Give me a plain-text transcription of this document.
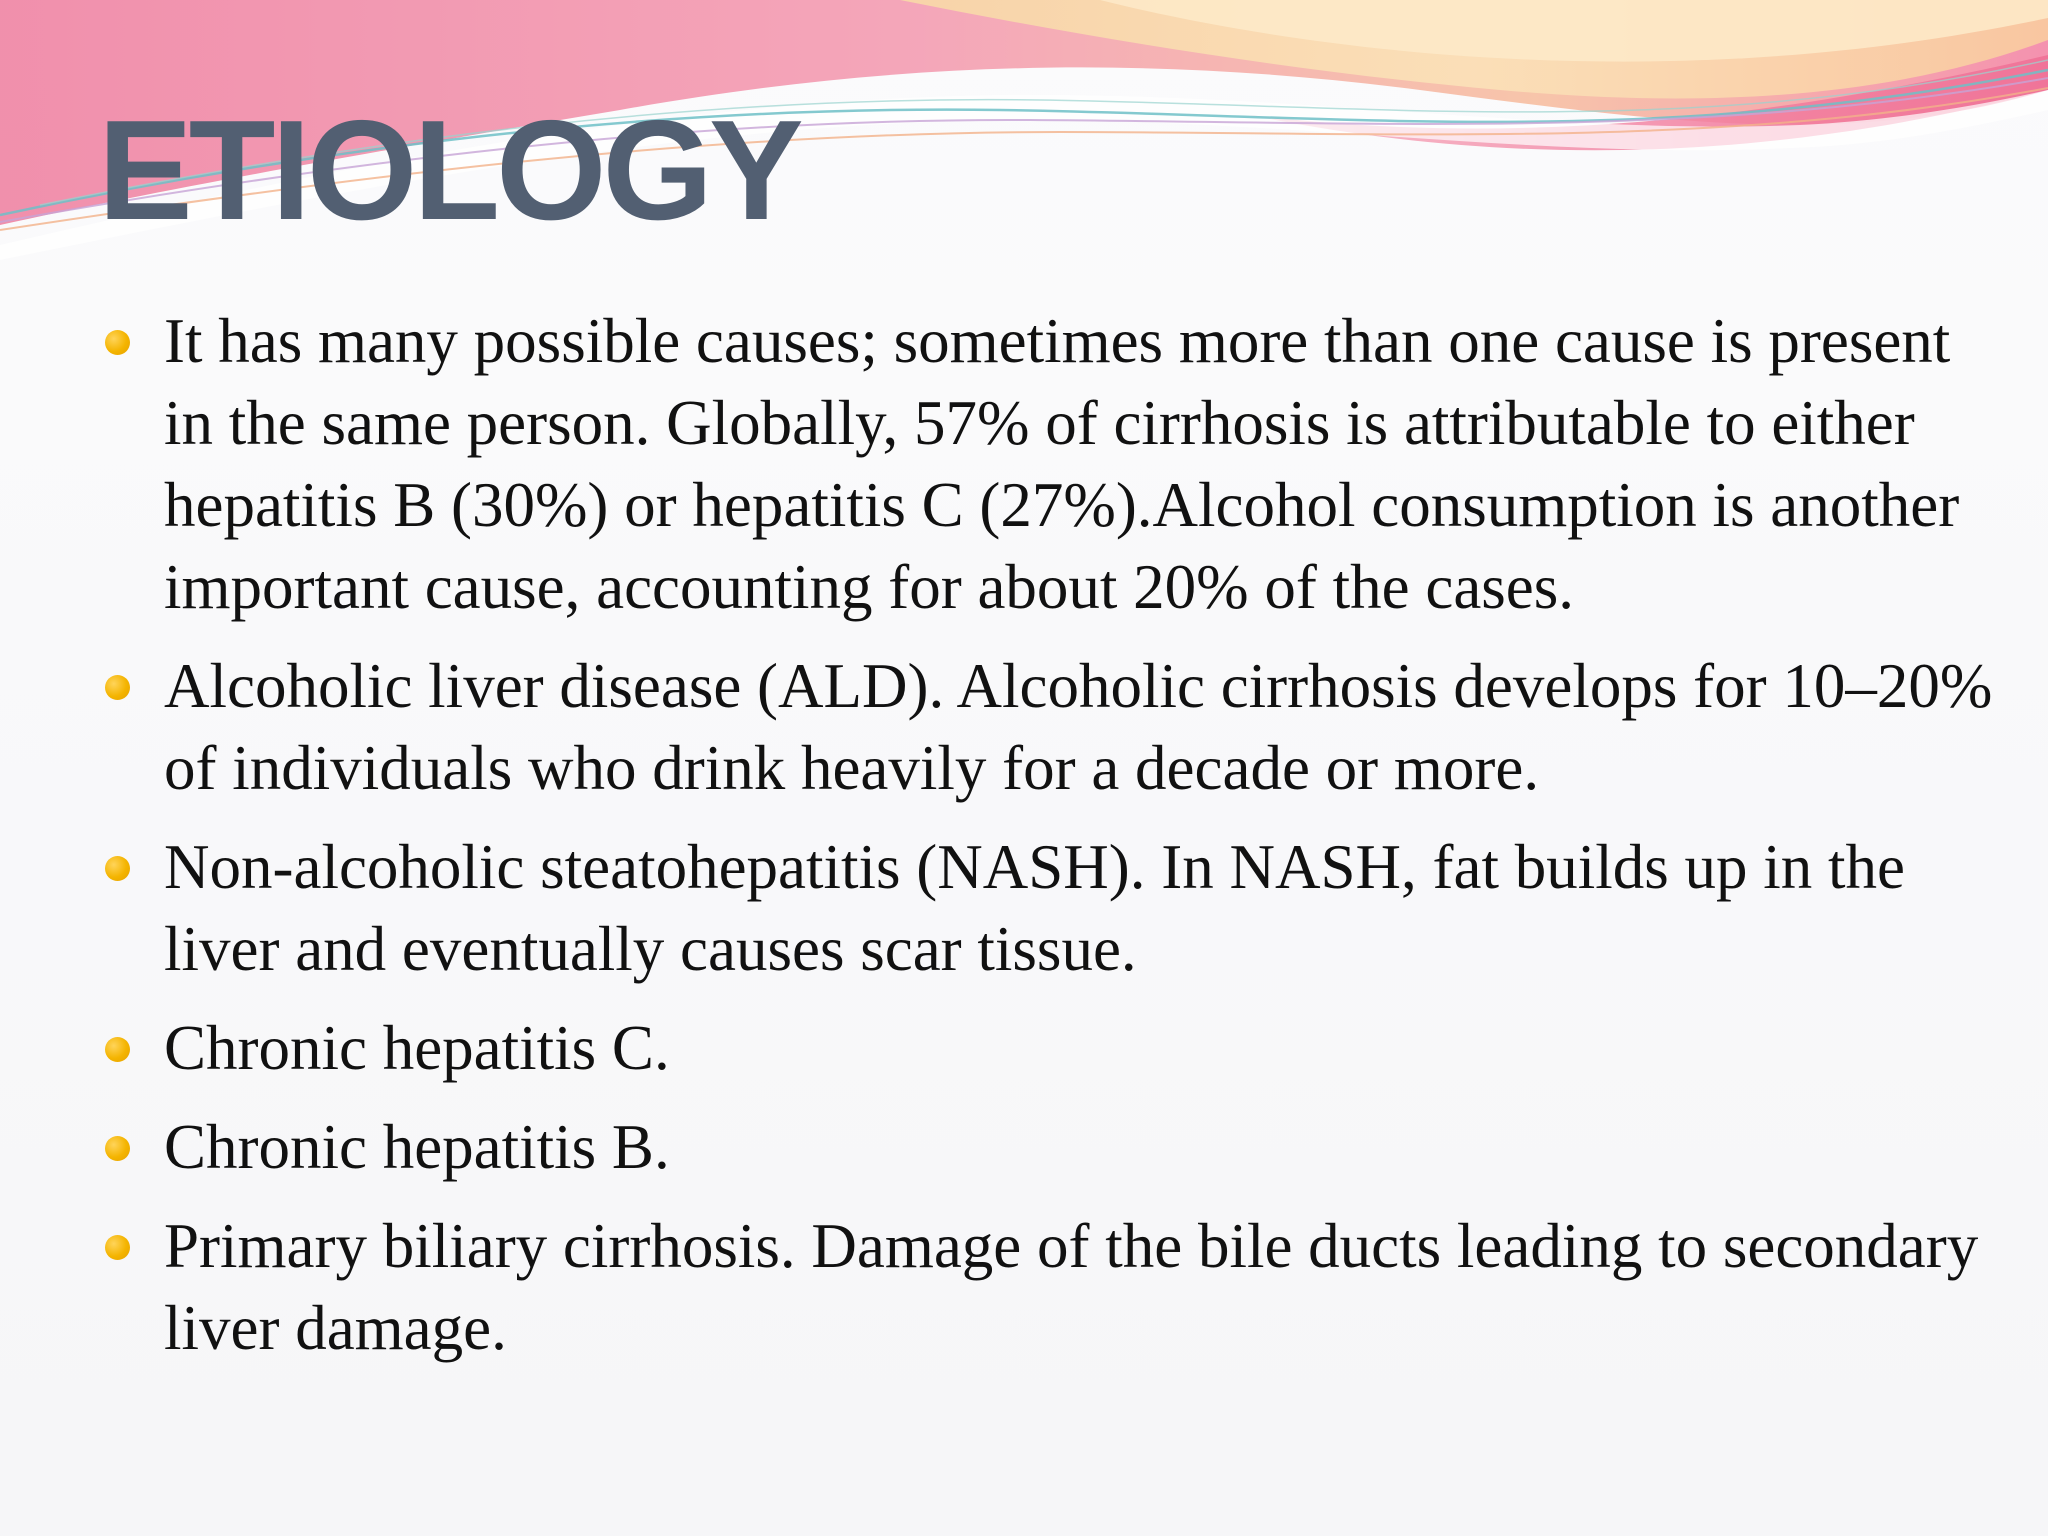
ETIOLOGY
It has many possible causes; sometimes more than one cause is present in the same person. Globally, 57% of cirrhosis is attributable to either hepatitis B (30%) or hepatitis C (27%).Alcohol consumption is another important cause, accounting for about 20% of the cases.
Alcoholic liver disease (ALD). Alcoholic cirrhosis develops for 10–20% of individuals who drink heavily for a decade or more.
Non-alcoholic steatohepatitis (NASH). In NASH, fat builds up in the liver and eventually causes scar tissue.
Chronic hepatitis C.
Chronic hepatitis B.
Primary biliary cirrhosis. Damage of the bile ducts leading to secondary liver damage.
